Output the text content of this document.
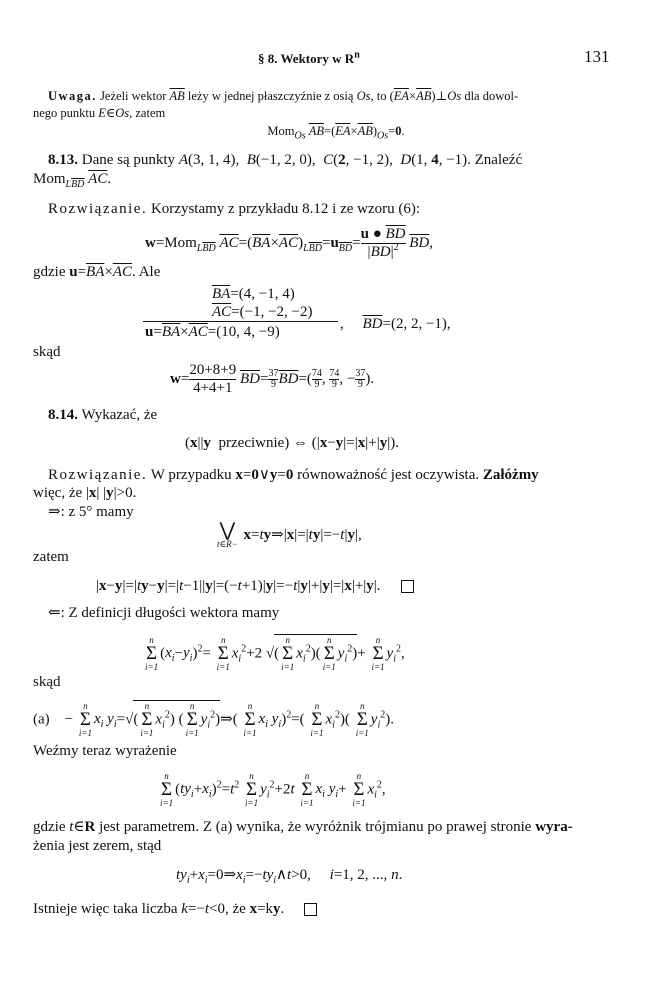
§ 8. Wektory w $R^n$	131
Uwaga. Jeżeli wektor $\overline{AB}$ leży w jednej płaszczyźnie z osią Os, to $(\overline{EA}\times\overline{AB})\perp Os$ dla dowol-
nego punktu E∈Os, zatem
Mom$_{Os}$ $\overline{AB}=(\overline{EA}\times\overline{AB})_{Os}=0$.
8.13. Dane są punkty A(3, 1, 4),  B(−1, 2, 0),  C(2, −1, 2),  D(1, 4, −1). Znaleźć
Mom$_{L\overline{BD}}$ $\overline{AC}$.
Rozwiązanie. Korzystamy z przykładu 8.12 i ze wzoru (6):
w=Mom$_{L\overline{BD}}$ $\overline{AC}=(\overline{BA}\times\overline{AC})_{L\overline{BD}}=u_{\overline{BD}}= \frac{u ● \overline{BD}}{|\overline{BD}|^2} \overline{BD}$,
gdzie $u=\overline{BA}\times\overline{AC}$. Ale
$\overline{BA}=(4$, −1, 4)
$\overline{AC}=(-1$, −2, −2)
$u=\overline{BA}\times\overline{AC}=(10$, 4, −9)	,     $\overline{BD}=(2$, 2, −1),
skąd
$w= \frac{20+8+9}{4+4+1} \overline{BD}= \frac{37}{9} \overline{BD}=( \frac{74}{9}$ , $\frac{74}{9}$ , − $\frac{37}{9}$ ).
8.14. Wykazać, że
(x||y  przeciwnie) ⇔ (|x−y|=|x|+|y|).
Rozwiązanie. W przypadku x=0∨y=0 równoważność jest oczywista. Załóżmy
więc, że |x| |y|>0.
⇒: z 5° mamy
⋁
t∈R−
x=ty⇒|x|=|ty|=−t|y|,
zatem
|x−y|=|ty−y|=|t−1||y|=(−t+1)|y|=−t|y|+|y|=|x|+|y|.
⇐: Z definicji długości wektora mamy
n
Σ
i=1
$(x_i-y_i)^2=$
n
Σ
i=1
$x_i^2+2$ √(
n
Σ
i=1
$x_i^2$)(
n
Σ
i=1
$y_i^2)+$
n
Σ
i=1
$y_i^2$,
skąd
(a)    −
n
Σ
i=1
$x_i$ $y_i=√$(
n
Σ
i=1
$x_i^2$) (
n
Σ
i=1
$y_i^2)\Rightarrow$(
n
Σ
i=1
$x_i$ $y_i)^2=$(
n
Σ
i=1
$x_i^2$)(
n
Σ
i=1
$y_i^2$).
Weźmy teraz wyrażenie
n
Σ
i=1
$(ty_i+x_i)^2=t^2$
n
Σ
i=1
$y_i^2+2t$
n
Σ
i=1
$x_i$ $y_i+$
n
Σ
i=1
$x_i^2$,
gdzie t∈R jest parametrem. Z (a) wynika, że wyróżnik trójmianu po prawej stronie wyra-
żenia jest zerem, stąd
$ty_i+x_i=0\Rightarrow x_i=-ty_i\wedge t>0$,     i=1, 2, ..., n.
Istnieje więc taka liczba k=−t<0, że x=ky.
